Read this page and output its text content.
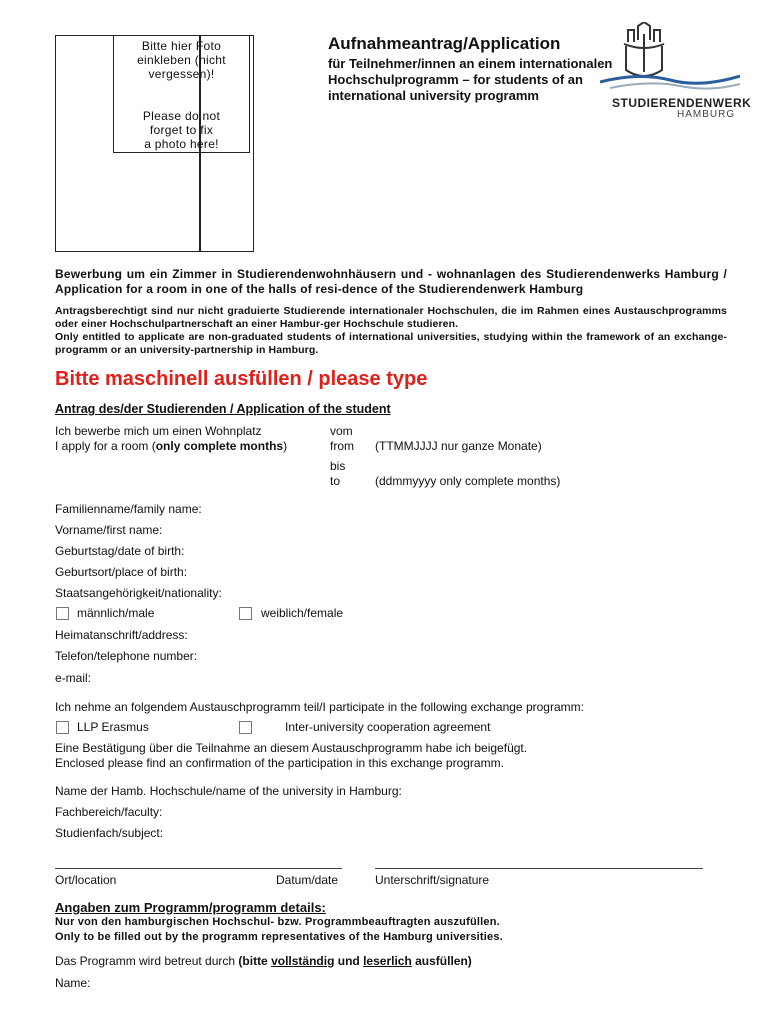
Bitte hier Foto
einkleben (nicht
vergessen)!
Please do not
forget to fix
a photo here!
Aufnahmeantrag/Application
für Teilnehmer/innen an einem internationalen
Hochschulprogramm – for students of an
international university programm	STUDIERENDENWERK
HAMBURG
Bewerbung um ein Zimmer in Studierendenwohnhäusern und - wohnanlagen des Studierendenwerks Hamburg / Application for a room in one of the halls of resi-dence of the Studierendenwerk Hamburg
Antragsberechtigt sind nur nicht graduierte Studierende internationaler Hochschulen, die im Rahmen eines Austauschprogramms oder einer Hochschulpartnerschaft an einer Hambur-ger Hochschule studieren.
Only entitled to applicate are non-graduated students of international universities, studying within the framework of an exchange-programm or an university-partnership in Hamburg.
Bitte maschinell ausfüllen / please type
Antrag des/der Studierenden / Application of the student
Ich bewerbe mich um einen Wohnplatz
I apply for a room (only complete months)
vom
from (TTMMJJJJ nur ganze Monate)
bis
to	(ddmmyyyy only complete months)
Familienname/family name:
Vorname/first name:
Geburtstag/date of birth:
Geburtsort/place of birth:
Staatsangehörigkeit/nationality:
männlich/male	weiblich/female
Heimatanschrift/address:
Telefon/telephone number:
e-mail:
Ich nehme an folgendem Austauschprogramm teil/I participate in the following exchange programm:
LLP Erasmus	Inter-university cooperation agreement
Eine Bestätigung über die Teilnahme an diesem Austauschprogramm habe ich beigefügt.
Enclosed please find an confirmation of the participation in this exchange programm.
Name der Hamb. Hochschule/name of the university in Hamburg:
Fachbereich/faculty:
Studienfach/subject:
Ort/location	Datum/date	Unterschrift/signature
Angaben zum Programm/programm details:
Nur von den hamburgischen Hochschul- bzw. Programmbeauftragten auszufüllen.
Only to be filled out by the programm representatives of the Hamburg universities.
Das Programm wird betreut durch (bitte vollständig und leserlich ausfüllen)
Name:
